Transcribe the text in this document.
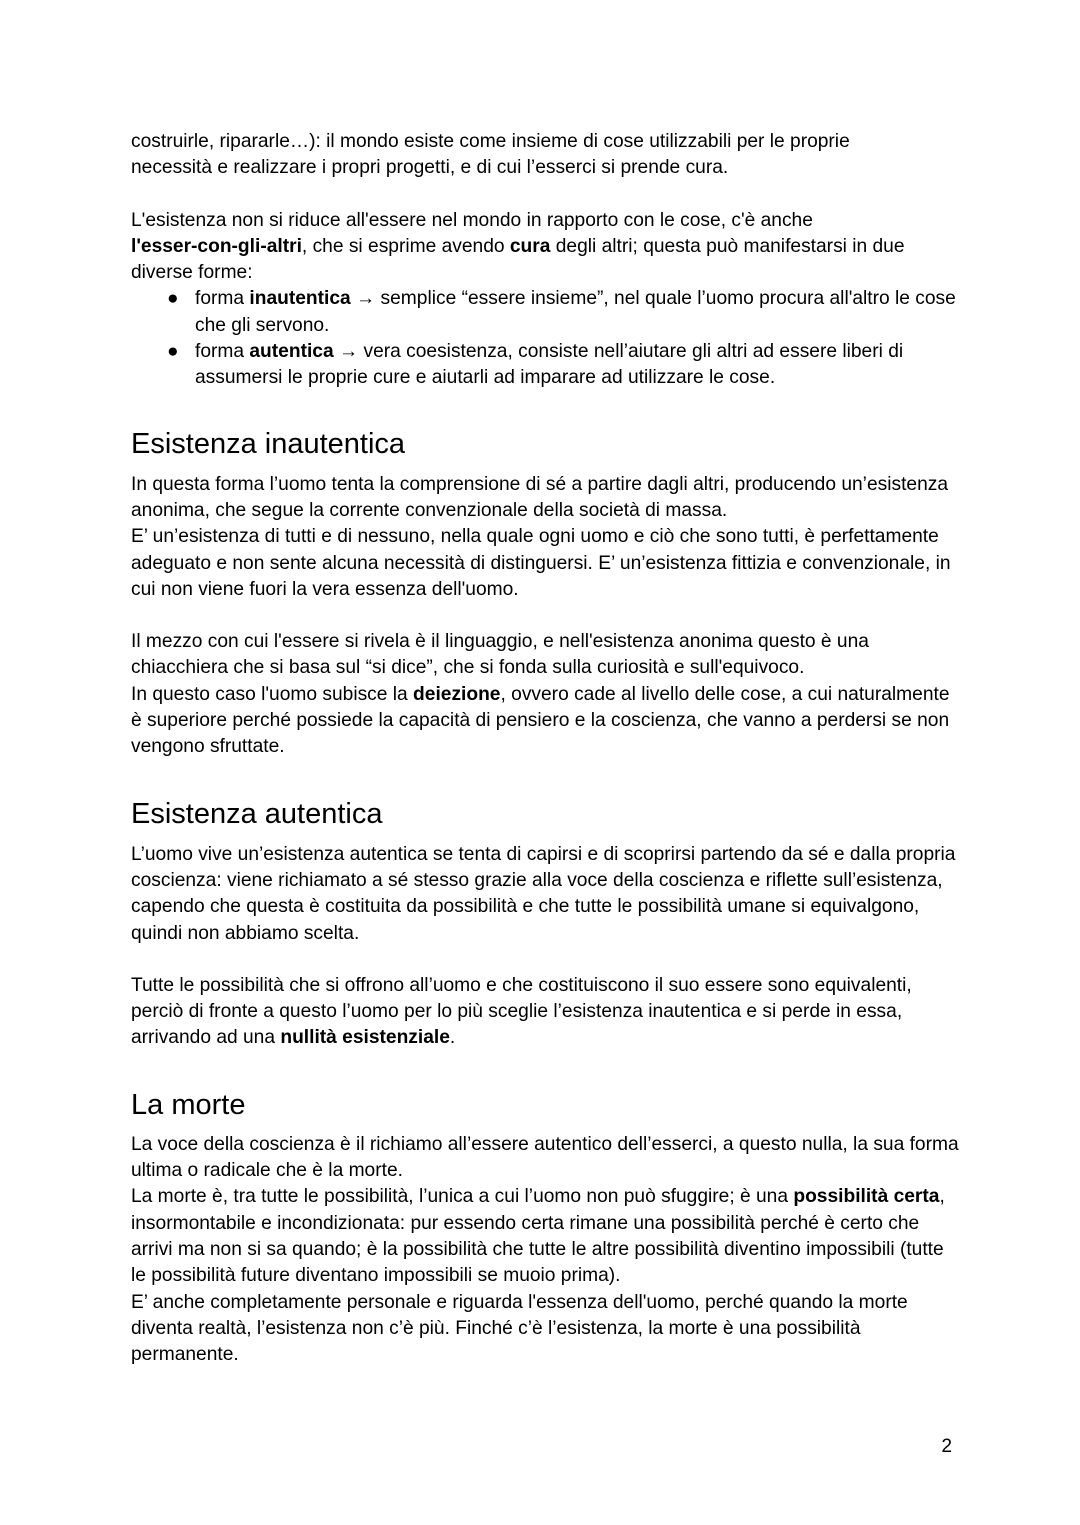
costruirle, ripararle…): il mondo esiste come insieme di cose utilizzabili per le proprie
necessità e realizzare i propri progetti, e di cui l’esserci si prende cura.

L'esistenza non si riduce all'essere nel mondo in rapporto con le cose, c'è anche
l'esser-con-gli-altri, che si esprime avendo cura degli altri; questa può manifestarsi in due diverse forme:

● forma inautentica → semplice “essere insieme”, nel quale l’uomo procura all'altro le cose che gli servono.
● forma autentica → vera coesistenza, consiste nell’aiutare gli altri ad essere liberi di assumersi le proprie cure e aiutarli ad imparare ad utilizzare le cose.
Esistenza inautentica

In questa forma l’uomo tenta la comprensione di sé a partire dagli altri, producendo un’esistenza anonima, che segue la corrente convenzionale della società di massa.
E’ un’esistenza di tutti e di nessuno, nella quale ogni uomo e ciò che sono tutti, è perfettamente adeguato e non sente alcuna necessità di distinguersi. E’ un’esistenza fittizia e convenzionale, in cui non viene fuori la vera essenza dell'uomo.

Il mezzo con cui l'essere si rivela è il linguaggio, e nell'esistenza anonima questo è una chiacchiera che si basa sul “si dice”, che si fonda sulla curiosità e sull'equivoco.
In questo caso l'uomo subisce la deiezione, ovvero cade al livello delle cose, a cui naturalmente è superiore perché possiede la capacità di pensiero e la coscienza, che vanno a perdersi se non vengono sfruttate.

Esistenza autentica

L’uomo vive un’esistenza autentica se tenta di capirsi e di scoprirsi partendo da sé e dalla propria coscienza: viene richiamato a sé stesso grazie alla voce della coscienza e riflette sull’esistenza, capendo che questa è costituita da possibilità e che tutte le possibilità umane si equivalgono, quindi non abbiamo scelta.

Tutte le possibilità che si offrono all’uomo e che costituiscono il suo essere sono equivalenti, perciò di fronte a questo l’uomo per lo più sceglie l’esistenza inautentica e si perde in essa, arrivando ad una nullità esistenziale.

La morte

La voce della coscienza è il richiamo all’essere autentico dell’esserci, a questo nulla, la sua forma ultima o radicale che è la morte.
La morte è, tra tutte le possibilità, l’unica a cui l’uomo non può sfuggire; è una possibilità certa, insormontabile e incondizionata: pur essendo certa rimane una possibilità perché è certo che arrivi ma non si sa quando; è la possibilità che tutte le altre possibilità diventino impossibili (tutte le possibilità future diventano impossibili se muoio prima).
E’ anche completamente personale e riguarda l'essenza dell'uomo, perché quando la morte diventa realtà, l’esistenza non c’è più. Finché c’è l’esistenza, la morte è una possibilità permanente.

2
